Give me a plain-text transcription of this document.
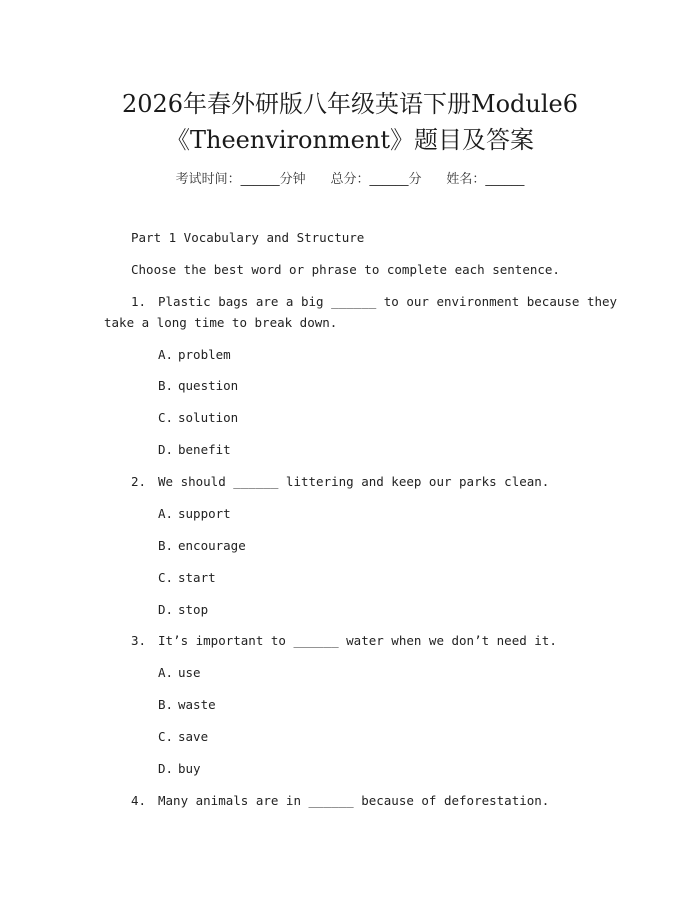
2026年春外研版八年级英语下册Module6
《Theenvironment》题目及答案
考试时间：______分钟 总分：______分 姓名：______
Part 1 Vocabulary and Structure
Choose the best word or phrase to complete each sentence.
1. Plastic bags are a big ______ to our environment because they
take a long time to break down.
A. problem
B. question
C. solution
D. benefit
2. We should ______ littering and keep our parks clean.
A. support
B. encourage
C. start
D. stop
3. It’s important to ______ water when we don’t need it.
A. use
B. waste
C. save
D. buy
4. Many animals are in ______ because of deforestation.
